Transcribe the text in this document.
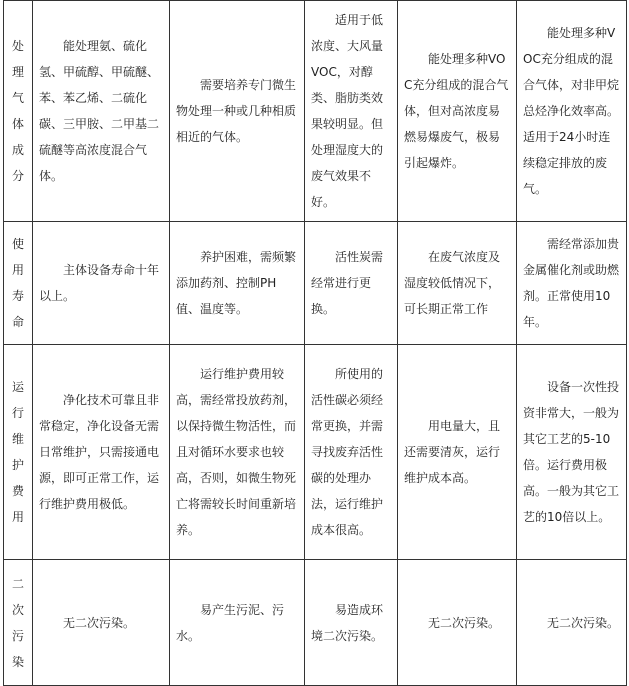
处理气体成分	能处理氨、硫化氢、甲硫醇、甲硫醚、苯、苯乙烯、二硫化碳、三甲胺、二甲基二硫醚等高浓度混合气体。	需要培养专门微生物处理一种或几种相质相近的气体。	适用于低浓度、大风量VOC，对醇类、脂肪类效果较明显。但处理湿度大的废气效果不好。	能处理多种VOC充分组成的混合气体，但对高浓度易燃易爆废气，极易引起爆炸。	能处理多种VOC充分组成的混合气体，对非甲烷总烃净化效率高。适用于24小时连续稳定排放的废气。

使用寿命	主体设备寿命十年以上。	养护困难，需频繁添加药剂、控制PH值、温度等。	活性炭需经常进行更换。	在废气浓度及湿度较低情况下，可长期正常工作	需经常添加贵金属催化剂或助燃剂。正常使用10年。

运行维护费用	净化技术可靠且非常稳定，净化设备无需日常维护，只需接通电源，即可正常工作，运行维护费用极低。	运行维护费用较高，需经常投放药剂，以保持微生物活性，而且对循环水要求也较高，否则，如微生物死亡将需较长时间重新培养。	所使用的活性碳必须经常更换，并需寻找废弃活性碳的处理办法，运行维护成本很高。	用电量大，且还需要清灰，运行维护成本高。	设备一次性投资非常大，一般为其它工艺的5-10倍。运行费用极高。一般为其它工艺的10倍以上。

二次污染	无二次污染。	易产生污泥、污水。	易造成环境二次污染。	无二次污染。	无二次污染。
